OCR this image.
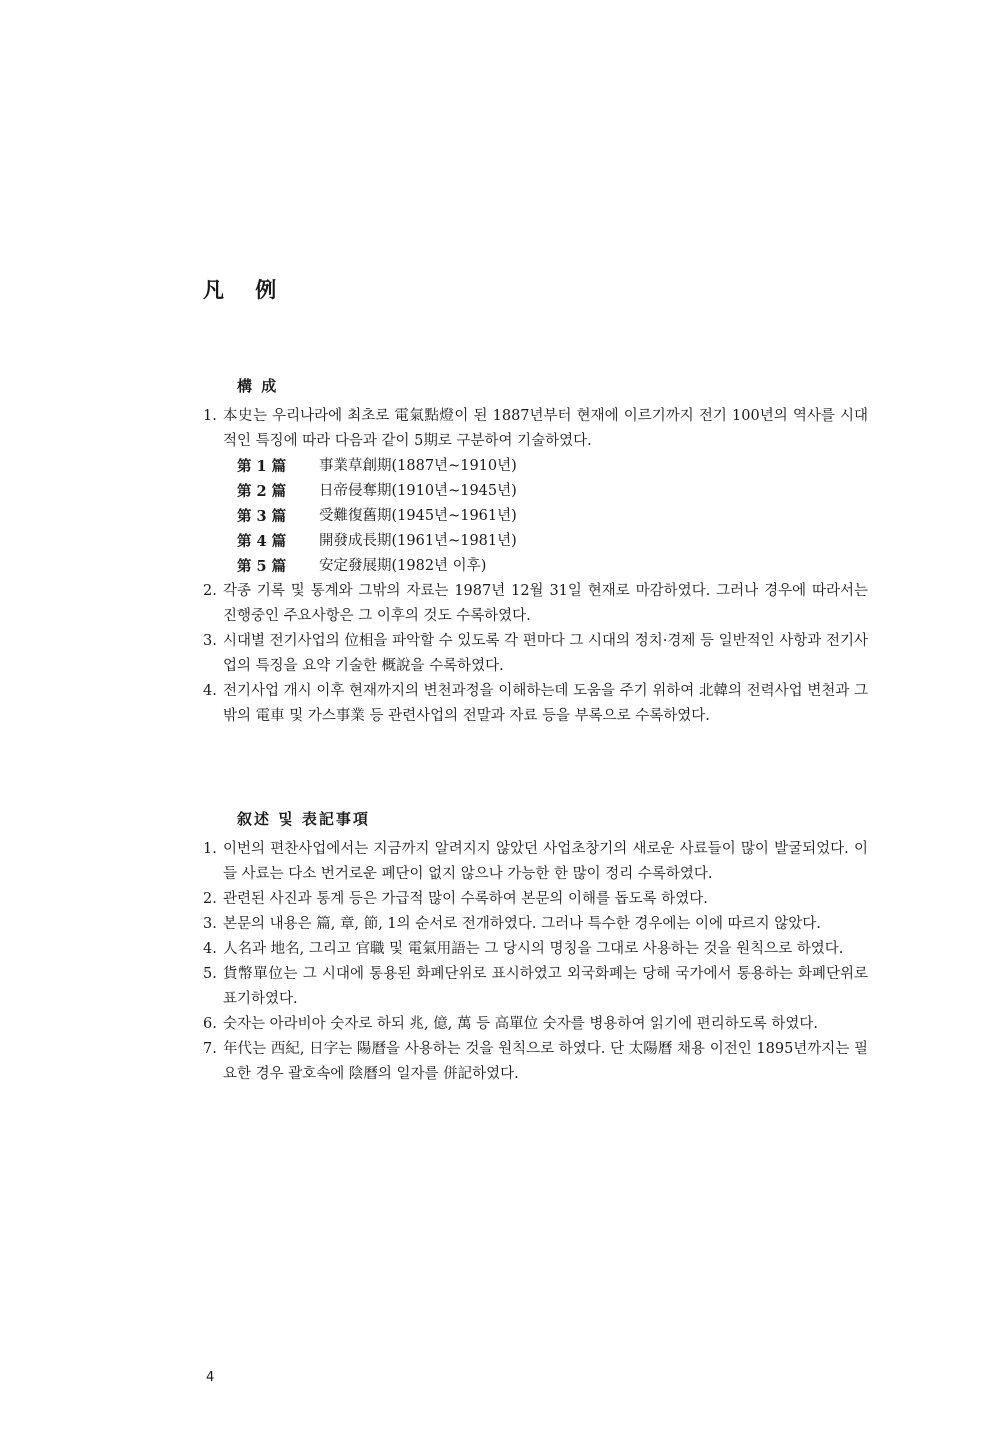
凡 例
構 成
1. 本史는 우리나라에 최초로 電氣點燈이 된 1887년부터 현재에 이르기까지 전기 100년의 역사를 시대적인 특징에 따라 다음과 같이 5期로 구분하여 기술하였다.
第 1 篇	事業草創期(1887년~1910년)
第 2 篇	日帝侵奪期(1910년~1945년)
第 3 篇	受難復舊期(1945년~1961년)
第 4 篇	開發成長期(1961년~1981년)
第 5 篇	安定發展期(1982년 이후)
2. 각종 기록 및 통계와 그밖의 자료는 1987년 12월 31일 현재로 마감하였다. 그러나 경우에 따라서는 진행중인 주요사항은 그 이후의 것도 수록하였다.
3. 시대별 전기사업의 位相을 파악할 수 있도록 각 편마다 그 시대의 정치·경제 등 일반적인 사항과 전기사업의 특징을 요약 기술한 概說을 수록하였다.
4. 전기사업 개시 이후 현재까지의 변천과정을 이해하는데 도움을 주기 위하여 北韓의 전력사업 변천과 그밖의 電車 및 가스事業 등 관련사업의 전말과 자료 등을 부록으로 수록하였다.
叙述 및 表記事項
1. 이번의 편찬사업에서는 지금까지 알려지지 않았던 사업초창기의 새로운 사료들이 많이 발굴되었다. 이들 사료는 다소 번거로운 폐단이 없지 않으나 가능한 한 많이 정리 수록하였다.
2. 관련된 사진과 통계 등은 가급적 많이 수록하여 본문의 이해를 돕도록 하였다.
3. 본문의 내용은 篇, 章, 節, 1의 순서로 전개하였다. 그러나 특수한 경우에는 이에 따르지 않았다.
4. 人名과 地名, 그리고 官職 및 電氣用語는 그 당시의 명칭을 그대로 사용하는 것을 원칙으로 하였다.
5. 貨幣單位는 그 시대에 통용된 화폐단위로 표시하였고 외국화폐는 당해 국가에서 통용하는 화폐단위로 표기하였다.
6. 숫자는 아라비아 숫자로 하되 兆, 億, 萬 등 高單位 숫자를 병용하여 읽기에 편리하도록 하였다.
7. 年代는 西紀, 日字는 陽曆을 사용하는 것을 원칙으로 하였다. 단 太陽曆 채용 이전인 1895년까지는 필요한 경우 괄호속에 陰曆의 일자를 併記하였다.
4
